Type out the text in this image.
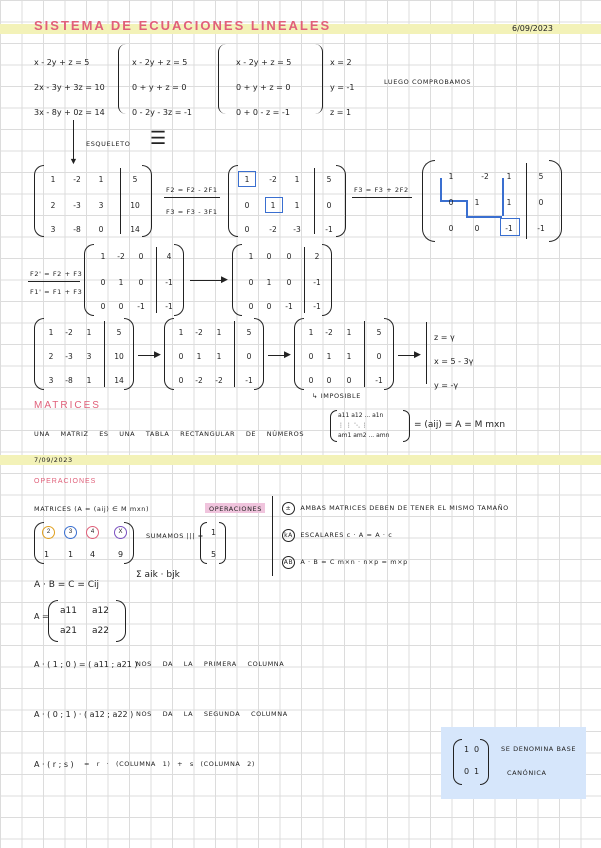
SISTEMA DE ECUACIONES LINEALES	6/09/2023
x - 2y + z = 5
2x - 3y + 3z = 10
3x - 8y + 0z = 14
x - 2y + z = 5
0 + y + z = 0
0 - 2y - 3z = -1
x - 2y + z = 5
0 + y + z = 0
0 + 0 - z = -1
x = 2
y = -1
z = 1
LUEGO COMPROBAMOS
▼
ESQUELETO ☰
1	-2	1	5
2	-3	3	10
3	-8	0	14
F2 = F2 - 2F1
F3 = F3 - 3F1
1	-2	1	5
0	1	1	0
0	-2	-3	-1
F3 = F3 + 2F2
1	-2	1	5
0	1	1	0
0	0	-1	-1
F2' = F2 + F3
F1' = F1 + F3
1	-2	0	4
0	1	0	-1
0	0	-1	-1
▶
1	0	0	2
0	1	0	-1
0	0	-1	-1
1	-2	1	5
2	-3	3	10
3	-8	1	14
▶
1	-2	1	5
0	1	1	0
0	-2	-2	-1
▶
1	-2	1	5
0	1	1	0
0	0	0	-1
↳ IMPOSIBLE
▶
z = γ
x = 5 - 3γ
y = -γ
MATRICES
UNA MATRIZ ES UNA TABLA RECTANGULAR DE NÚMEROS
a11 a12 ... a1n
⋮ ⋮ ⋱ ⋮
am1 am2 ... amn
= (aij) = A = M mxn
7/09/2023
OPERACIONES
MATRICES (A = (aij) ∈ M mxn)	OPERACIONES
2	3	4	X
1 1 4	9
SUMAMOS ||| = 1
5
± AMBAS MATRICES DEBEN DE TENER EL MISMO TAMAÑO
kA ESCALARES c · A = A · c
AB A · B = C m×n · n×p = m×p
A · B = C = Cij
Σ aik · bjk
A =
a11 a12
a21 a22
A · ( 1 ; 0 ) = ( a11 ; a21 )
NOS DA LA PRIMERA COLUMNA
A · ( 0 ; 1 ) · ( a12 ; a22 ) NOS DA LA SEGUNDA COLUMNA
A · ( r ; s ) = r · (COLUMNA 1) + s (COLUMNA 2)
1 0
0 1
SE DENOMINA BASE
CANÓNICA
